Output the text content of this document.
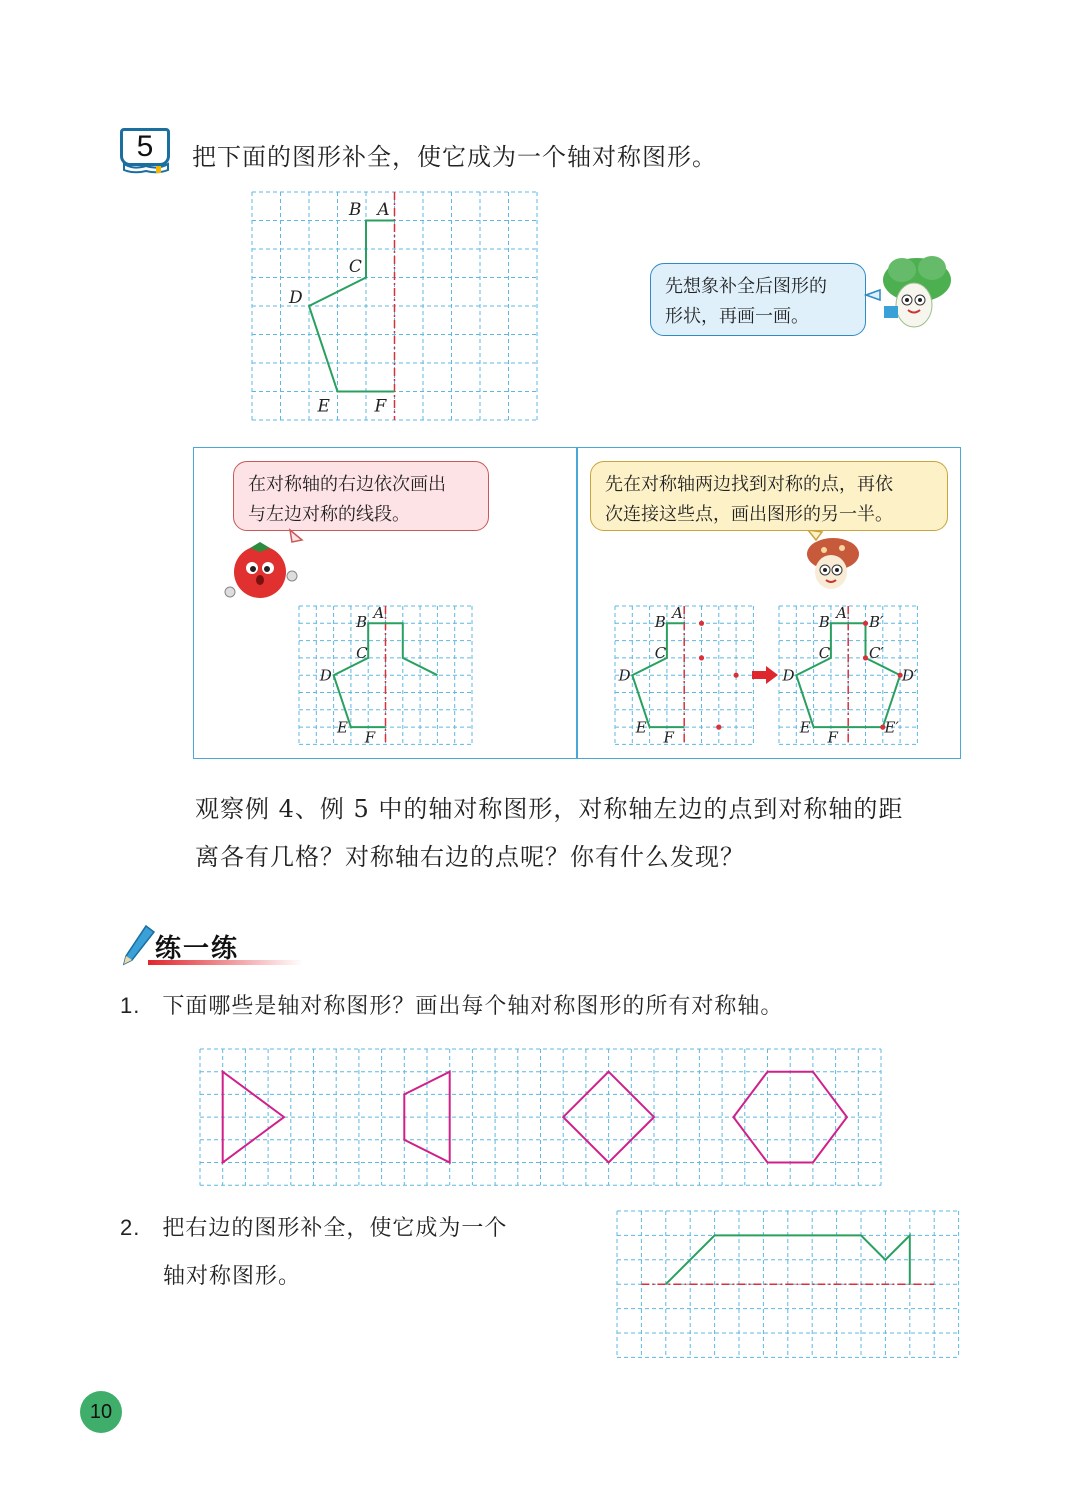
5	把下面的图形补全，使它成为一个轴对称图形。
B A
C
D
E	F
先想象补全后图形的
形状，再画一画。
在对称轴的右边依次画出
与左边对称的线段。
B A
C
D
E
F
先在对称轴两边找到对称的点，再依
次连接这些点，画出图形的另一半。
B A
C
D
E
F
B A
C
D
E
F
B′
C′
D′
E′
观察例 4、例 5 中的轴对称图形，对称轴左边的点到对称轴的距
离各有几格？对称轴右边的点呢？你有什么发现？
练一练
1. 下面哪些是轴对称图形？画出每个轴对称图形的所有对称轴。
2. 把右边的图形补全，使它成为一个
轴对称图形。
10
